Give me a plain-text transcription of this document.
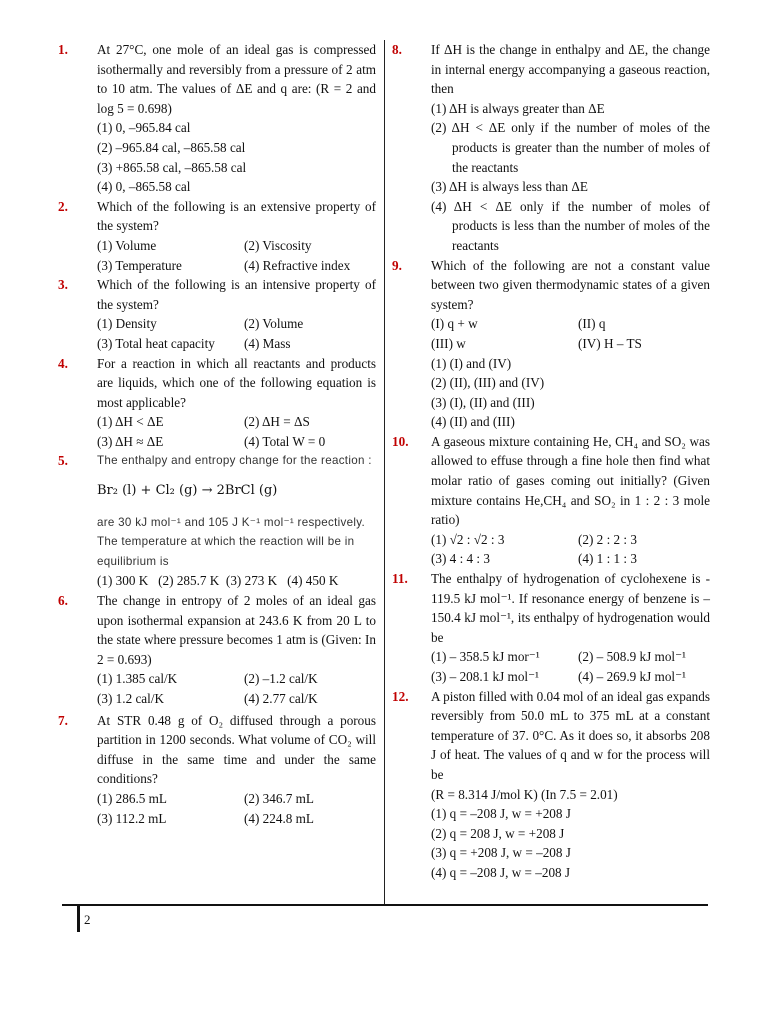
1. At 27°C, one mole of an ideal gas is compressed isothermally and reversibly from a pressure of 2 atm to 10 atm. The values of ΔE and q are: (R = 2 and log 5 = 0.698)
(1) 0, –965.84 cal
(2) –965.84 cal, –865.58 cal
(3) +865.58 cal, –865.58 cal
(4) 0, –865.58 cal
2. Which of the following is an extensive property of the system?
(1) Volume	(2) Viscosity
(3) Temperature	(4) Refractive index
3. Which of the following is an intensive property of the system?
(1) Density	(2) Volume
(3) Total heat capacity	(4) Mass
4. For a reaction in which all reactants and products are liquids, which one of the following equation is most applicable?
(1) ΔH < ΔE	(2) ΔH = ΔS
(3) ΔH ≈ ΔE	(4) Total W = 0
5.	The enthalpy and entropy change for the reaction :
Br₂ (l) + Cl₂ (g) → 2BrCl (g)
are 30 kJ mol⁻¹ and 105 J K⁻¹ mol⁻¹ respectively. The temperature at which the reaction will be in equilibrium is
(1) 300 K   (2) 285.7 K  (3) 273 K   (4) 450 K
6. The change in entropy of 2 moles of an ideal gas upon isothermal expansion at 243.6 K from 20 L to the state where pressure becomes 1 atm is (Given: In 2 = 0.693)
(1) 1.385 cal/K	(2) –1.2 cal/K
(3) 1.2 cal/K	(4) 2.77 cal/K
7. At STR 0.48 g of O₂ diffused through a porous partition in 1200 seconds. What volume of CO₂ will diffuse in the same time and under the same conditions?
(1) 286.5 mL	(2) 346.7 mL
(3) 112.2 mL	(4) 224.8 mL
8. If ΔH is the change in enthalpy and ΔE, the change in internal energy accompanying a gaseous reaction, then
(1) ΔH is always greater than ΔE
(2) ΔH < ΔE only if the number of moles of the products is greater than the number of moles of the reactants
(3) ΔH is always less than ΔE
(4) ΔH < ΔE only if the number of moles of products is less than the number of moles of the reactants
9. Which of the following are not a constant value between two given thermodynamic states of a given system?
(I) q + w	(II) q
(III) w	(IV) H – TS
(1) (I) and (IV)
(2) (II), (III) and (IV)
(3) (I), (II) and (III)
(4) (II) and (III)
10. A gaseous mixture containing He, CH₄ and SO₂ was allowed to effuse through a fine hole then find what molar ratio of gases coming out initially? (Given mixture contains He,CH₄ and SO₂ in 1 : 2 : 3 mole ratio)
(1) √2 : √2 : 3	(2) 2 : 2 : 3
(3) 4 : 4 : 3	(4) 1 : 1 : 3
11. The enthalpy of hydrogenation of cyclohexene is - 119.5 kJ mol⁻¹. If resonance energy of benzene is –150.4 kJ mol⁻¹, its enthalpy of hydrogenation would be
(1) – 358.5 kJ mor⁻¹	(2) – 508.9 kJ mol⁻¹
(3) – 208.1 kJ mol⁻¹	(4) – 269.9 kJ mol⁻¹
12. A piston filled with 0.04 mol of an ideal gas expands reversibly from 50.0 mL to 375 mL at a constant temperature of 37. 0°C. As it does so, it absorbs 208 J of heat. The values of q and w for the process will be
(R = 8.314 J/mol K) (In 7.5 = 2.01)
(1) q = –208 J, w = +208 J
(2) q = 208 J, w = +208 J
(3) q = +208 J, w = –208 J
(4) q = –208 J, w = –208 J
2
